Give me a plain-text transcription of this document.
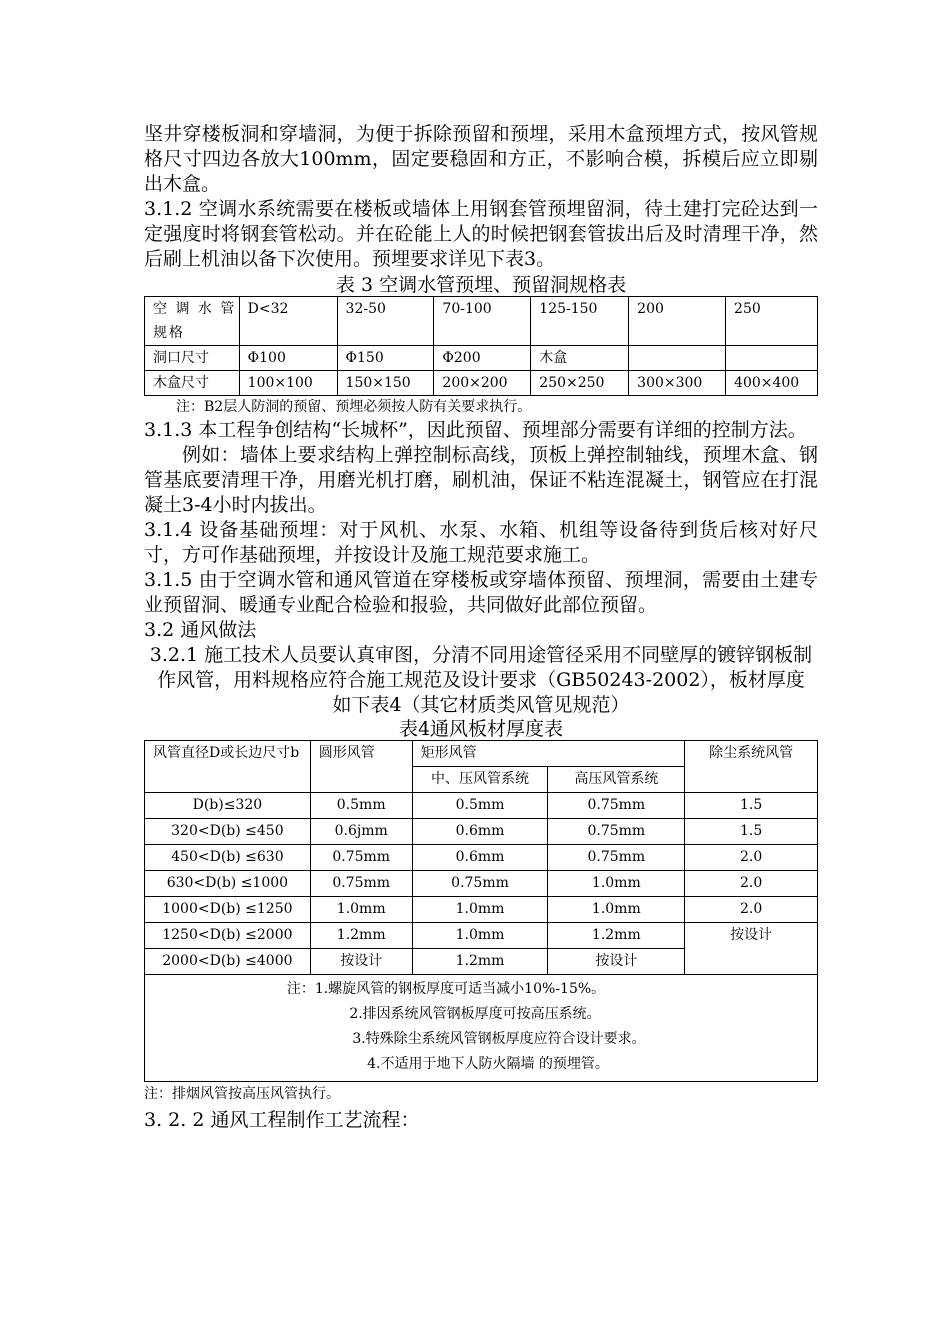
坚井穿楼板洞和穿墙洞，为便于拆除预留和预埋，采用木盒预埋方式，按风管规格尺寸四边各放大100mm，固定要稳固和方正，不影响合模，拆模后应立即剔出木盒。

3.1.2 空调水系统需要在楼板或墙体上用钢套管预埋留洞，待土建打完砼达到一定强度时将钢套管松动。并在砼能上人的时候把钢套管拔出后及时清理干净，然后刷上机油以备下次使用。预埋要求详见下表3。

表 3 空调水管预埋、预留洞规格表

空 调 水 管规格	D<32	32-50	70-100	125-150	200	250
洞口尺寸	Φ100	Φ150	Φ200	木盒		
木盒尺寸	100×100	150×150	200×200	250×250	300×300	400×400

注：B2层人防洞的预留、预埋必须按人防有关要求执行。

3.1.3 本工程争创结构“长城杯”，因此预留、预埋部分需要有详细的控制方法。

例如：墙体上要求结构上弹控制标高线，顶板上弹控制轴线，预埋木盒、钢管基底要清理干净，用磨光机打磨，刷机油，保证不粘连混凝土，钢管应在打混凝土3-4小时内拔出。

3.1.4 设备基础预埋：对于风机、水泵、水箱、机组等设备待到货后核对好尺寸，方可作基础预埋，并按设计及施工规范要求施工。

3.1.5 由于空调水管和通风管道在穿楼板或穿墙体预留、预埋洞，需要由土建专业预留洞、暖通专业配合检验和报验，共同做好此部位预留。

3.2 通风做法

3.2.1 施工技术人员要认真审图，分清不同用途管径采用不同壁厚的镀锌钢板制作风管，用料规格应符合施工规范及设计要求（GB50243-2002），板材厚度如下表4（其它材质类风管见规范）

表4通风板材厚度表

风管直径D或长边尺寸b	圆形风管	矩形风管		除尘系统风管
		中、压风管系统	高压风管系统	
D(b)≤320	0.5mm	0.5mm	0.75mm	1.5
320<D(b) ≤450	0.6jmm	0.6mm	0.75mm	1.5
450<D(b) ≤630	0.75mm	0.6mm	0.75mm	2.0
630<D(b) ≤1000	0.75mm	0.75mm	1.0mm	2.0
1000<D(b) ≤1250	1.0mm	1.0mm	1.0mm	2.0
1250<D(b) ≤2000	1.2mm	1.0mm	1.2mm	按设计
2000<D(b) ≤4000	按设计	1.2mm	按设计	

注：1.螺旋风管的钢板厚度可适当减小10%-15%。
2.排因系统风管钢板厚度可按高压系统。
3.特殊除尘系统风管钢板厚度应符合设计要求。
4.不适用于地下人防火隔墙 的预埋管。				

注：排烟风管按高压风管执行。

3. 2. 2 通风工程制作工艺流程：
